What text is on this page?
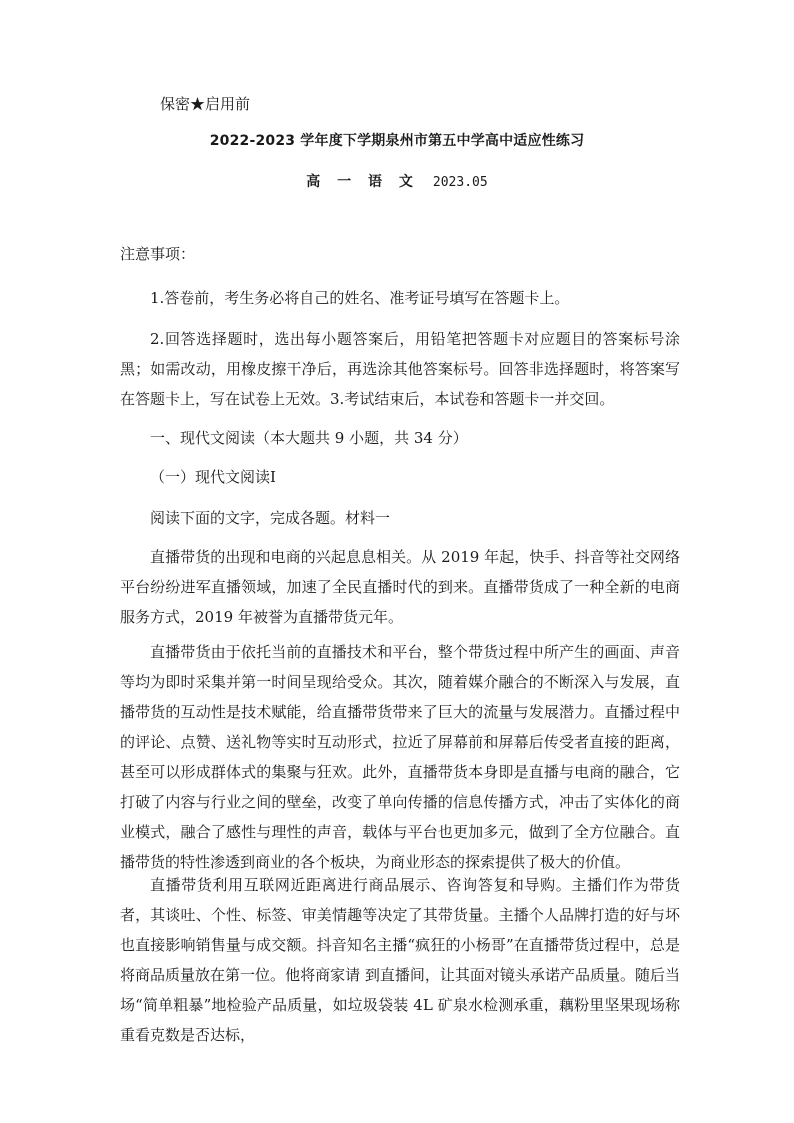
保密★启用前
2022-2023 学年度下学期泉州市第五中学高中适应性练习
高 一 语 文 2023.05
注意事项：
1.答卷前，考生务必将自己的姓名、准考证号填写在答题卡上。
2.回答选择题时，选出每小题答案后，用铅笔把答题卡对应题目的答案标号涂黑；如需改动，用橡皮擦干净后，再选涂其他答案标号。回答非选择题时，将答案写在答题卡上，写在试卷上无效。3.考试结束后，本试卷和答题卡一并交回。
一、现代文阅读（本大题共 9 小题，共 34 分）
（一）现代文阅读Ⅰ
阅读下面的文字，完成各题。材料一
直播带货的出现和电商的兴起息息相关。从 2019 年起，快手、抖音等社交网络平台纷纷进军直播领域，加速了全民直播时代的到来。直播带货成了一种全新的电商服务方式，2019 年被誉为直播带货元年。
直播带货由于依托当前的直播技术和平台，整个带货过程中所产生的画面、声音等均为即时采集并第一时间呈现给受众。其次，随着媒介融合的不断深入与发展，直播带货的互动性是技术赋能，给直播带货带来了巨大的流量与发展潜力。直播过程中的评论、点赞、送礼物等实时互动形式，拉近了屏幕前和屏幕后传受者直接的距离，甚至可以形成群体式的集聚与狂欢。此外，直播带货本身即是直播与电商的融合，它打破了内容与行业之间的壁垒，改变了单向传播的信息传播方式，冲击了实体化的商业模式，融合了感性与理性的声音，载体与平台也更加多元，做到了全方位融合。直播带货的特性渗透到商业的各个板块，为商业形态的探索提供了极大的价值。
直播带货利用互联网近距离进行商品展示、咨询答复和导购。主播们作为带货者，其谈吐、个性、标签、审美情趣等决定了其带货量。主播个人品牌打造的好与坏也直接影响销售量与成交额。抖音知名主播“疯狂的小杨哥”在直播带货过程中，总是将商品质量放在第一位。他将商家请 到直播间，让其面对镜头承诺产品质量。随后当场“简单粗暴”地检验产品质量，如垃圾袋装 4L 矿泉水检测承重，藕粉里坚果现场称重看克数是否达标，
